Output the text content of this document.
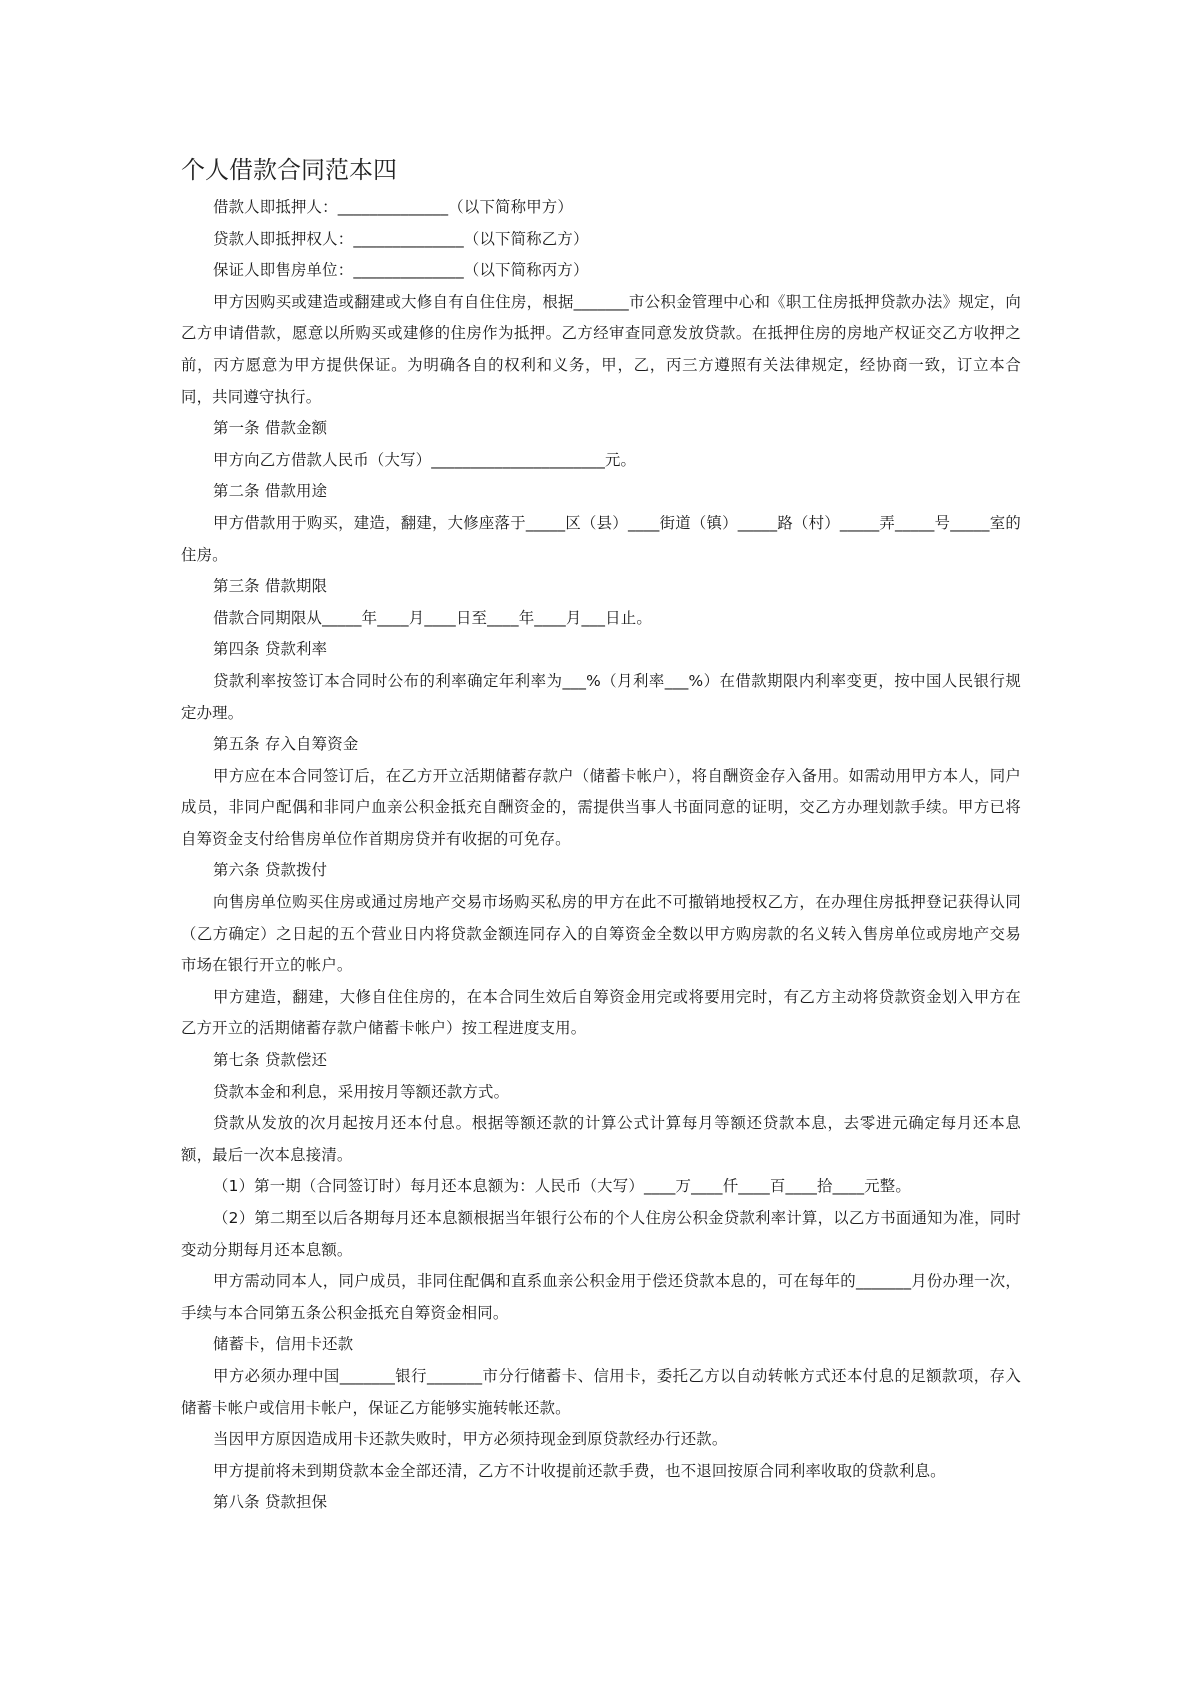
个人借款合同范本四

借款人即抵押人：______________（以下简称甲方）

贷款人即抵押权人：______________（以下简称乙方）

保证人即售房单位：______________（以下简称丙方）

甲方因购买或建造或翻建或大修自有自住住房，根据_______市公积金管理中心和《职工住房抵押贷款办法》规定，向乙方申请借款，愿意以所购买或建修的住房作为抵押。乙方经审查同意发放贷款。在抵押住房的房地产权证交乙方收押之前，丙方愿意为甲方提供保证。为明确各自的权利和义务，甲，乙，丙三方遵照有关法律规定，经协商一致，订立本合同，共同遵守执行。

第一条 借款金额

甲方向乙方借款人民币（大写）______________________元。

第二条 借款用途

甲方借款用于购买，建造，翻建，大修座落于_____区（县）____街道（镇）_____路（村）_____弄_____号_____室的住房。

第三条 借款期限

借款合同期限从_____年____月____日至____年____月___日止。

第四条 贷款利率

贷款利率按签订本合同时公布的利率确定年利率为___%（月利率___%）在借款期限内利率变更，按中国人民银行规定办理。

第五条 存入自筹资金

甲方应在本合同签订后，在乙方开立活期储蓄存款户（储蓄卡帐户），将自酬资金存入备用。如需动用甲方本人，同户成员，非同户配偶和非同户血亲公积金抵充自酬资金的，需提供当事人书面同意的证明，交乙方办理划款手续。甲方已将自筹资金支付给售房单位作首期房贷并有收据的可免存。

第六条 贷款拨付

向售房单位购买住房或通过房地产交易市场购买私房的甲方在此不可撤销地授权乙方，在办理住房抵押登记获得认同（乙方确定）之日起的五个营业日内将贷款金额连同存入的自筹资金全数以甲方购房款的名义转入售房单位或房地产交易市场在银行开立的帐户。

甲方建造，翻建，大修自住住房的，在本合同生效后自筹资金用完或将要用完时，有乙方主动将贷款资金划入甲方在乙方开立的活期储蓄存款户储蓄卡帐户）按工程进度支用。

第七条 贷款偿还

贷款本金和利息，采用按月等额还款方式。

贷款从发放的次月起按月还本付息。根据等额还款的计算公式计算每月等额还贷款本息，去零进元确定每月还本息额，最后一次本息接清。

（1）第一期（合同签订时）每月还本息额为：人民币（大写）____万____仟____百____拾____元整。

（2）第二期至以后各期每月还本息额根据当年银行公布的个人住房公积金贷款利率计算，以乙方书面通知为准，同时变动分期每月还本息额。

甲方需动同本人，同户成员，非同住配偶和直系血亲公积金用于偿还贷款本息的，可在每年的_______月份办理一次，手续与本合同第五条公积金抵充自筹资金相同。

储蓄卡，信用卡还款

甲方必须办理中国_______银行_______市分行储蓄卡、信用卡，委托乙方以自动转帐方式还本付息的足额款项，存入储蓄卡帐户或信用卡帐户，保证乙方能够实施转帐还款。

当因甲方原因造成用卡还款失败时，甲方必须持现金到原贷款经办行还款。

甲方提前将未到期贷款本金全部还清，乙方不计收提前还款手费，也不退回按原合同利率收取的贷款利息。

第八条 贷款担保
